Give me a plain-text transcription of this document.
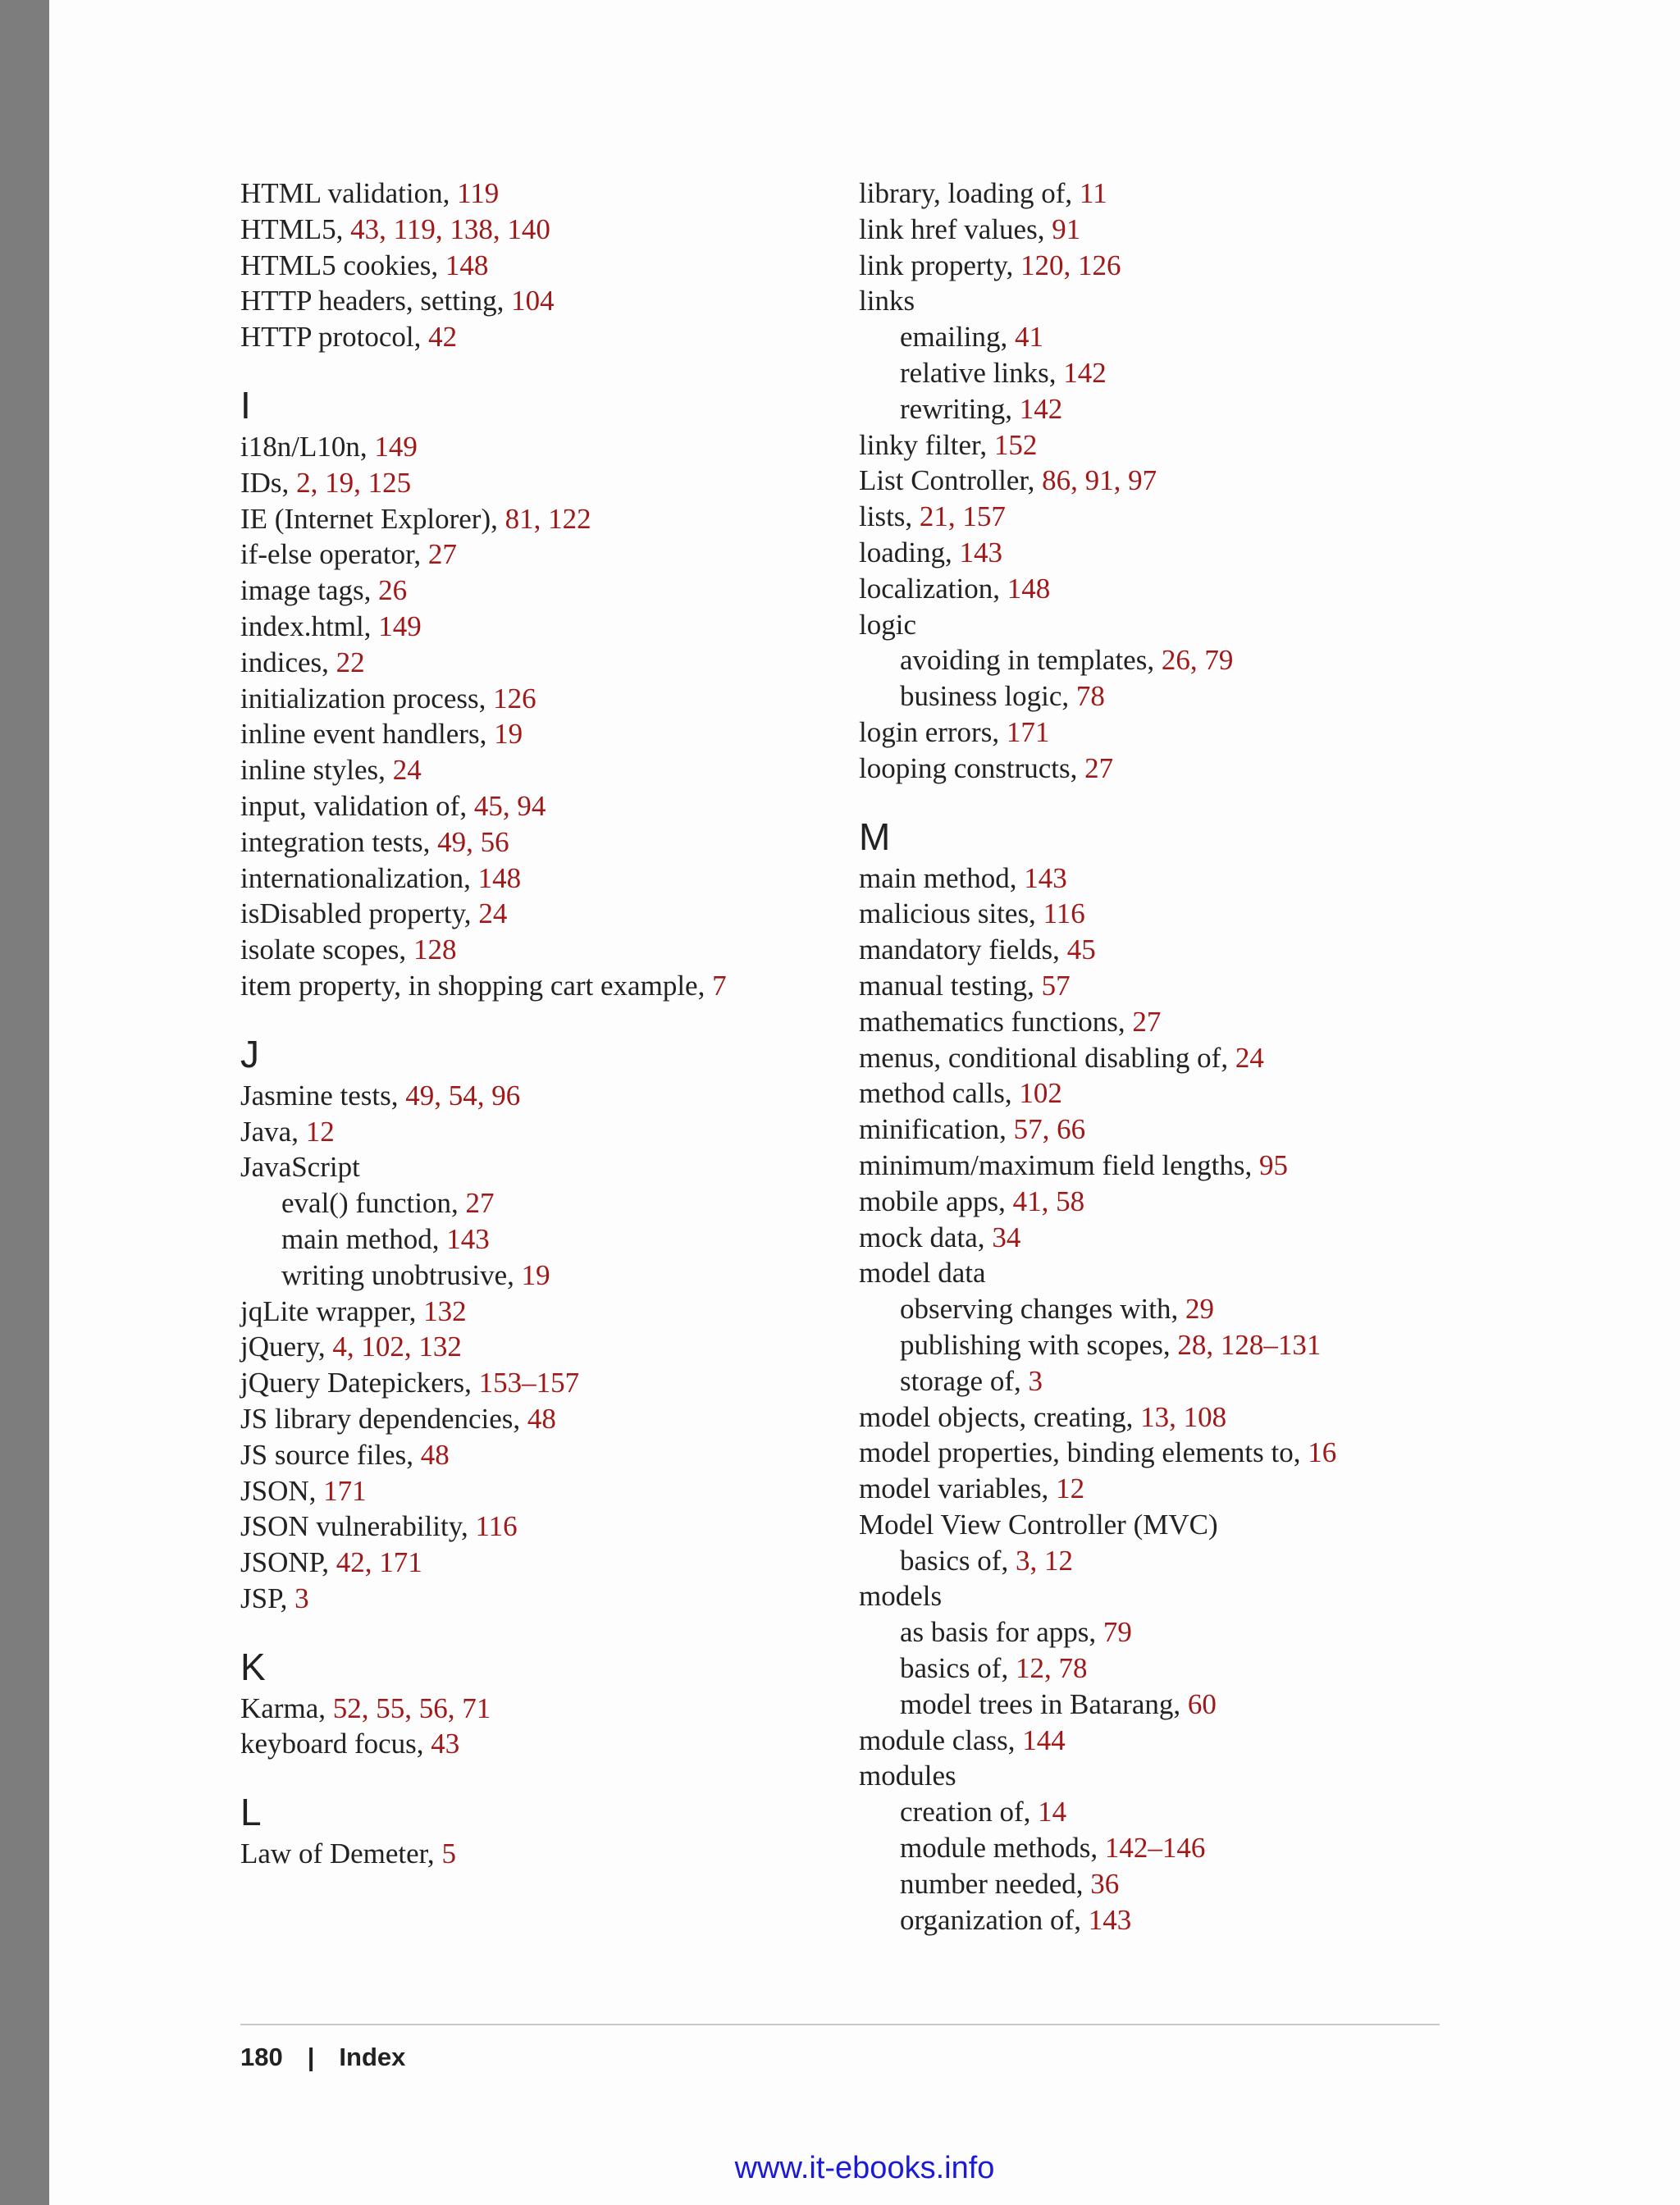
HTML validation, 119
HTML5, 43, 119, 138, 140
HTML5 cookies, 148
HTTP headers, setting, 104
HTTP protocol, 42
I
i18n/L10n, 149
IDs, 2, 19, 125
IE (Internet Explorer), 81, 122
if-else operator, 27
image tags, 26
index.html, 149
indices, 22
initialization process, 126
inline event handlers, 19
inline styles, 24
input, validation of, 45, 94
integration tests, 49, 56
internationalization, 148
isDisabled property, 24
isolate scopes, 128
item property, in shopping cart example, 7
J
Jasmine tests, 49, 54, 96
Java, 12
JavaScript
eval() function, 27
main method, 143
writing unobtrusive, 19
jqLite wrapper, 132
jQuery, 4, 102, 132
jQuery Datepickers, 153–157
JS library dependencies, 48
JS source files, 48
JSON, 171
JSON vulnerability, 116
JSONP, 42, 171
JSP, 3
K
Karma, 52, 55, 56, 71
keyboard focus, 43
L
Law of Demeter, 5
library, loading of, 11
link href values, 91
link property, 120, 126
links
emailing, 41
relative links, 142
rewriting, 142
linky filter, 152
List Controller, 86, 91, 97
lists, 21, 157
loading, 143
localization, 148
logic
avoiding in templates, 26, 79
business logic, 78
login errors, 171
looping constructs, 27
M
main method, 143
malicious sites, 116
mandatory fields, 45
manual testing, 57
mathematics functions, 27
menus, conditional disabling of, 24
method calls, 102
minification, 57, 66
minimum/maximum field lengths, 95
mobile apps, 41, 58
mock data, 34
model data
observing changes with, 29
publishing with scopes, 28, 128–131
storage of, 3
model objects, creating, 13, 108
model properties, binding elements to, 16
model variables, 12
Model View Controller (MVC)
basics of, 3, 12
models
as basis for apps, 79
basics of, 12, 78
model trees in Batarang, 60
module class, 144
modules
creation of, 14
module methods, 142–146
number needed, 36
organization of, 143
180 | Index
www.it-ebooks.info
